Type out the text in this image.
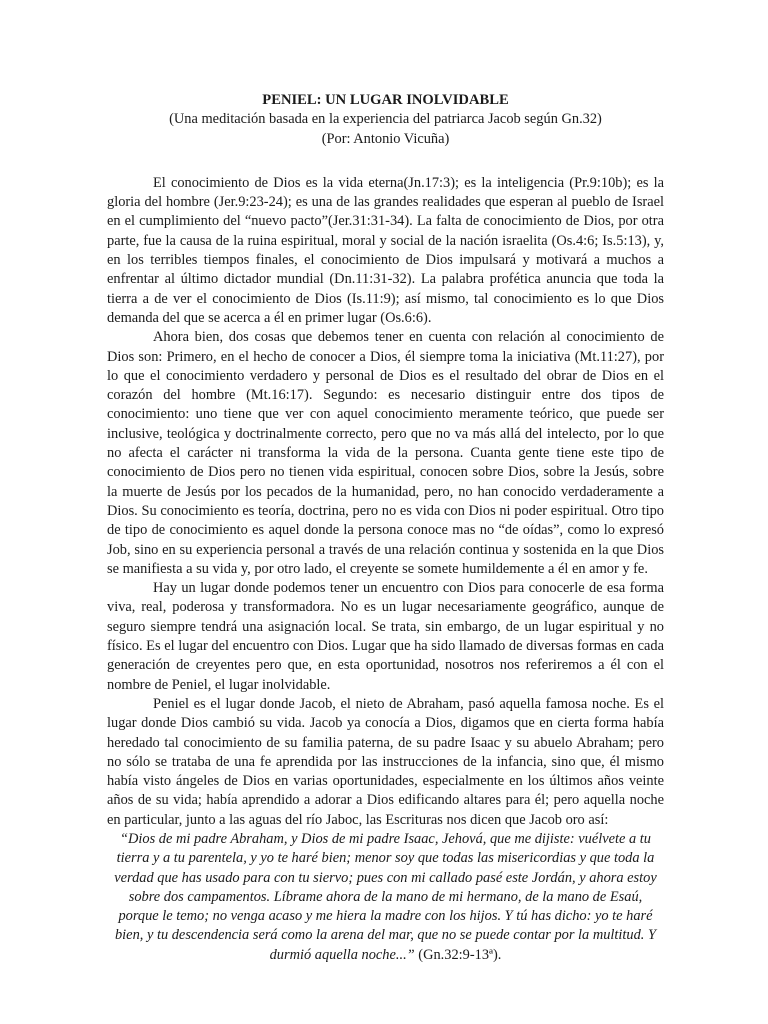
PENIEL: UN LUGAR INOLVIDABLE

(Una meditación basada en la experiencia del patriarca Jacob según Gn.32)

(Por: Antonio Vicuña)

El conocimiento de Dios es la vida eterna(Jn.17:3); es la inteligencia (Pr.9:10b); es la gloria del hombre (Jer.9:23-24); es una de las grandes realidades que esperan al pueblo de Israel en el cumplimiento del “nuevo pacto”(Jer.31:31-34). La falta de conocimiento de Dios, por otra parte, fue la causa de la ruina espiritual, moral y social de la nación israelita (Os.4:6; Is.5:13), y, en los terribles tiempos finales, el conocimiento de Dios impulsará y motivará a muchos a enfrentar al último dictador mundial (Dn.11:31-32). La palabra profética anuncia que toda la tierra a de ver el conocimiento de Dios (Is.11:9); así mismo, tal conocimiento es lo que Dios demanda del que se acerca a él en primer lugar (Os.6:6).

Ahora bien, dos cosas que debemos tener en cuenta con relación al conocimiento de Dios son: Primero, en el hecho de conocer a Dios, él siempre toma la iniciativa (Mt.11:27), por lo que el conocimiento verdadero y personal de Dios es el resultado del obrar de Dios en el corazón del hombre (Mt.16:17). Segundo: es necesario distinguir entre dos tipos de conocimiento: uno tiene que ver con aquel conocimiento meramente teórico, que puede ser inclusive, teológica y doctrinalmente correcto, pero que no va más allá del intelecto, por lo que no afecta el carácter ni transforma la vida de la persona. Cuanta gente tiene este tipo de conocimiento de Dios pero no tienen vida espiritual, conocen sobre Dios, sobre la Jesús, sobre la muerte de Jesús por los pecados de la humanidad, pero, no han conocido verdaderamente a Dios. Su conocimiento es teoría, doctrina, pero no es vida con Dios ni poder espiritual. Otro tipo de tipo de conocimiento es aquel donde la persona conoce mas no “de oídas”, como lo expresó Job, sino en su experiencia personal a través de una relación continua y sostenida en la que Dios se manifiesta a su vida y, por otro lado, el creyente se somete humildemente a él en amor y fe.

Hay un lugar donde podemos tener un encuentro con Dios para conocerle de esa forma viva, real, poderosa y transformadora. No es un lugar necesariamente geográfico, aunque de seguro siempre tendrá una asignación local. Se trata, sin embargo, de un lugar espiritual y no físico. Es el lugar del encuentro con Dios. Lugar que ha sido llamado de diversas formas en cada generación de creyentes pero que, en esta oportunidad, nosotros nos referiremos a él con el nombre de Peniel, el lugar inolvidable.

Peniel es el lugar donde Jacob, el nieto de Abraham, pasó aquella famosa noche. Es el lugar donde Dios cambió su vida. Jacob ya conocía a Dios, digamos que en cierta forma había heredado tal conocimiento de su familia paterna, de su padre Isaac y su abuelo Abraham; pero no sólo se trataba de una fe aprendida por las instrucciones de la infancia, sino que, él mismo había visto ángeles de Dios en varias oportunidades, especialmente en los últimos años veinte años de su vida; había aprendido a adorar a Dios edificando altares para él; pero aquella noche en particular, junto a las aguas del río Jaboc, las Escrituras nos dicen que Jacob oro así:

“Dios de mi padre Abraham, y Dios de mi padre Isaac, Jehová, que me dijiste: vuélvete a tu tierra y a tu parentela, y yo te haré bien; menor soy que todas las misericordias y que toda la verdad que has usado para con tu siervo; pues con mi callado pasé este Jordán, y ahora estoy sobre dos campamentos. Líbrame ahora de la mano de mi hermano, de la mano de Esaú, porque le temo; no venga acaso y me hiera la madre con los hijos. Y tú has dicho: yo te haré bien, y tu descendencia será como la arena del mar, que no se puede contar por la multitud. Y durmió aquella noche...” (Gn.32:9-13ª).
